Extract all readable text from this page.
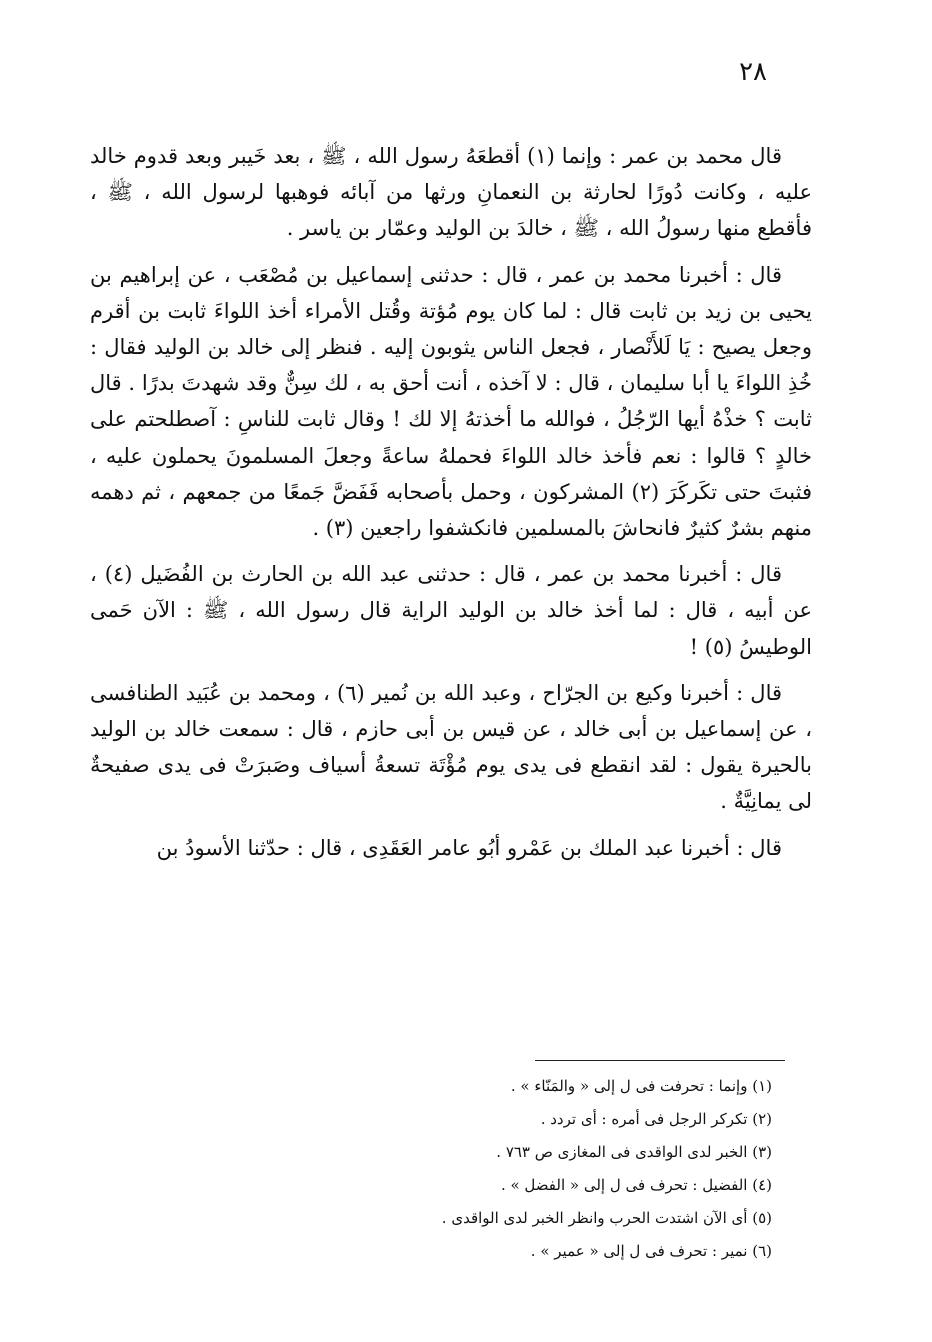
٢٨

قال محمد بن عمر : وإنما (١) أقطعَهُ رسول الله ، ﷺ ، بعد خَيبر وبعد قدوم خالد عليه ، وكانت دُورًا لحارثة بن النعمانِ ورثها من آبائه فوهبها لرسول الله ، ﷺ ، فأقطع منها رسولُ الله ، ﷺ ، خالدَ بن الوليد وعمّار بن ياسر .

قال : أخبرنا محمد بن عمر ، قال : حدثنى إسماعيل بن مُصْعَب ، عن إبراهيم بن يحيى بن زيد بن ثابت قال : لما كان يوم مُؤتة وقُتل الأمراء أخذ اللواءَ ثابت بن أقرم وجعل يصيح : يَا لَلأَنْصار ، فجعل الناس يثوبون إليه . فنظر إلى خالد بن الوليد فقال : خُذِ اللواءَ يا أبا سليمان ، قال : لا آخذه ، أنت أحق به ، لك سِنٌّ وقد شهدتَ بدرًا . قال ثابت ؟ خذْهُ أيها الرّجُلُ ، فوالله ما أخذتهُ إلا لك ! وقال ثابت للناسِ : آصطلحتم على خالدٍ ؟ قالوا : نعم فأخذ خالد اللواءَ فحملهُ ساعةً وجعلَ المسلمونَ يحملون عليه ، فثبتَ حتى تكَركَرَ (٢) المشركون ، وحمل بأصحابه فَفَضَّ جَمعًا من جمعهم ، ثم دهمه منهم بشرٌ كثيرٌ فانحاشَ بالمسلمين فانكشفوا راجعين (٣) .

قال : أخبرنا محمد بن عمر ، قال : حدثنى عبد الله بن الحارث بن الفُضَيل (٤) ، عن أبيه ، قال : لما أخذ خالد بن الوليد الراية قال رسول الله ، ﷺ : الآن حَمى الوطيسُ (٥) !

قال : أخبرنا وكيع بن الجرّاح ، وعبد الله بن نُمير (٦) ، ومحمد بن عُبَيد الطنافسى ، عن إسماعيل بن أبى خالد ، عن قيس بن أبى حازم ، قال : سمعت خالد بن الوليد بالحيرة يقول : لقد انقطع فى يدى يوم مُؤْتَة تسعةُ أسياف وصَبرَتْ فى يدى صفيحةٌ لى يمانِيَّةٌ .

قال : أخبرنا عبد الملك بن عَمْرو أبُو عامر العَقَدِى ، قال : حدّثنا الأسودُ بن

(١) وإنما : تحرفت فى ل إلى « والمَنّاء » .
(٢) تكركر الرجل فى أمره : أى تردد .
(٣) الخبر لدى الواقدى فى المغازى ص ٧٦٣ .
(٤) الفضيل : تحرف فى ل إلى « الفضل » .
(٥) أى الآن اشتدت الحرب وانظر الخبر لدى الواقدى .
(٦) نمير : تحرف فى ل إلى « عمير » .
